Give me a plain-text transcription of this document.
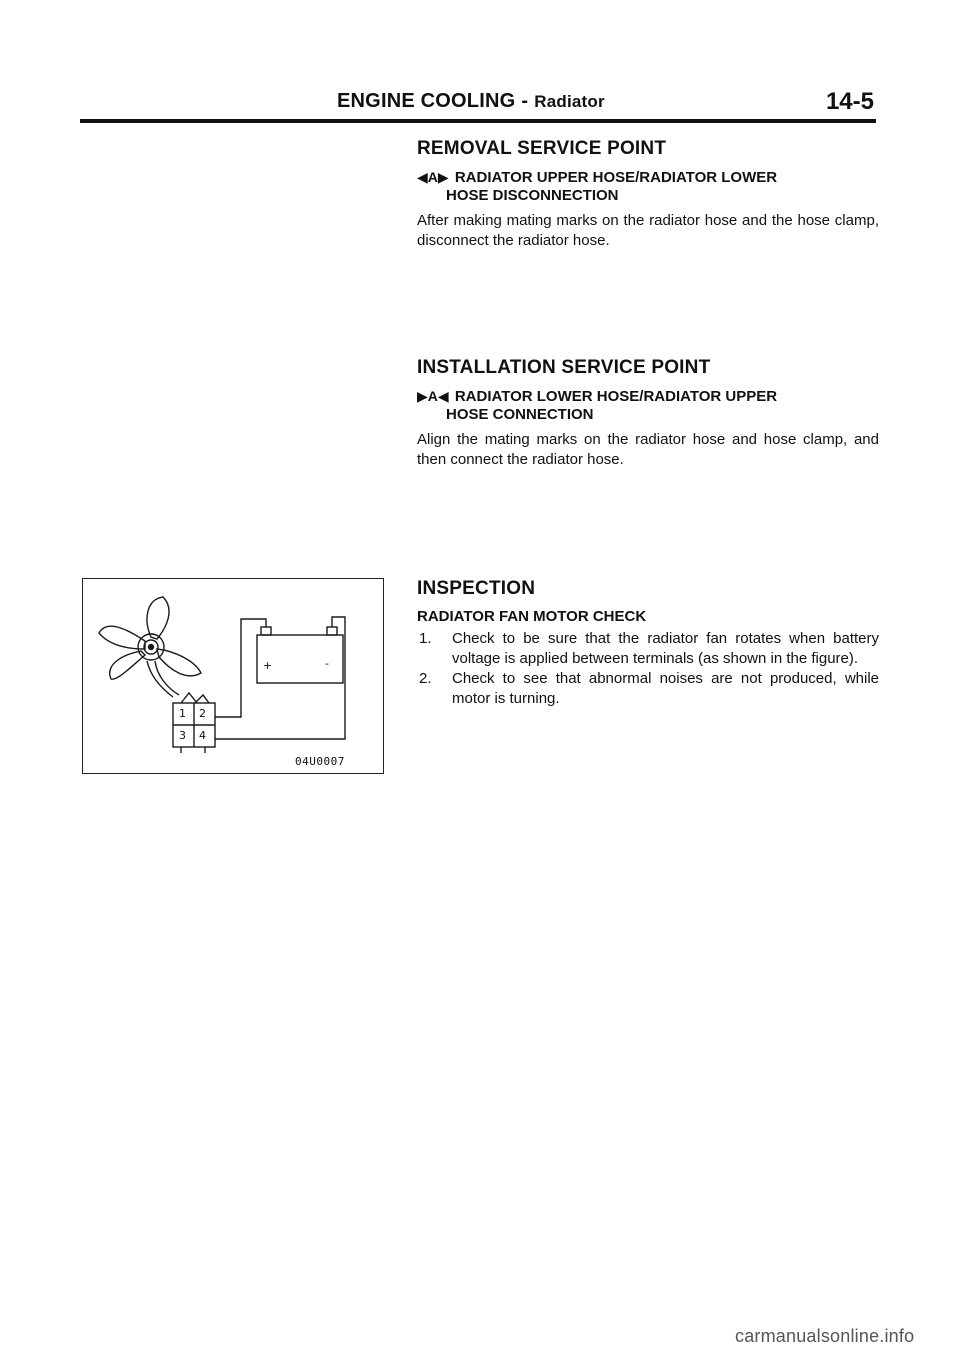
ENGINE COOLING - Radiator	14-5
REMOVAL SERVICE POINT
◀A▶ RADIATOR UPPER HOSE/RADIATOR LOWER
HOSE DISCONNECTION
After making mating marks on the radiator hose and the hose clamp, disconnect the radiator hose.
INSTALLATION SERVICE POINT
▶A◀ RADIATOR LOWER HOSE/RADIATOR UPPER
HOSE CONNECTION
Align the mating marks on the radiator hose and hose clamp, and then connect the radiator hose.
INSPECTION
RADIATOR FAN MOTOR CHECK
1. Check to be sure that the radiator fan rotates when battery voltage is applied between terminals (as shown in the figure).
2. Check to see that abnormal noises are not produced, while motor is turning.
+	-
1 2
3 4
04U0007
carmanualsonline.info
